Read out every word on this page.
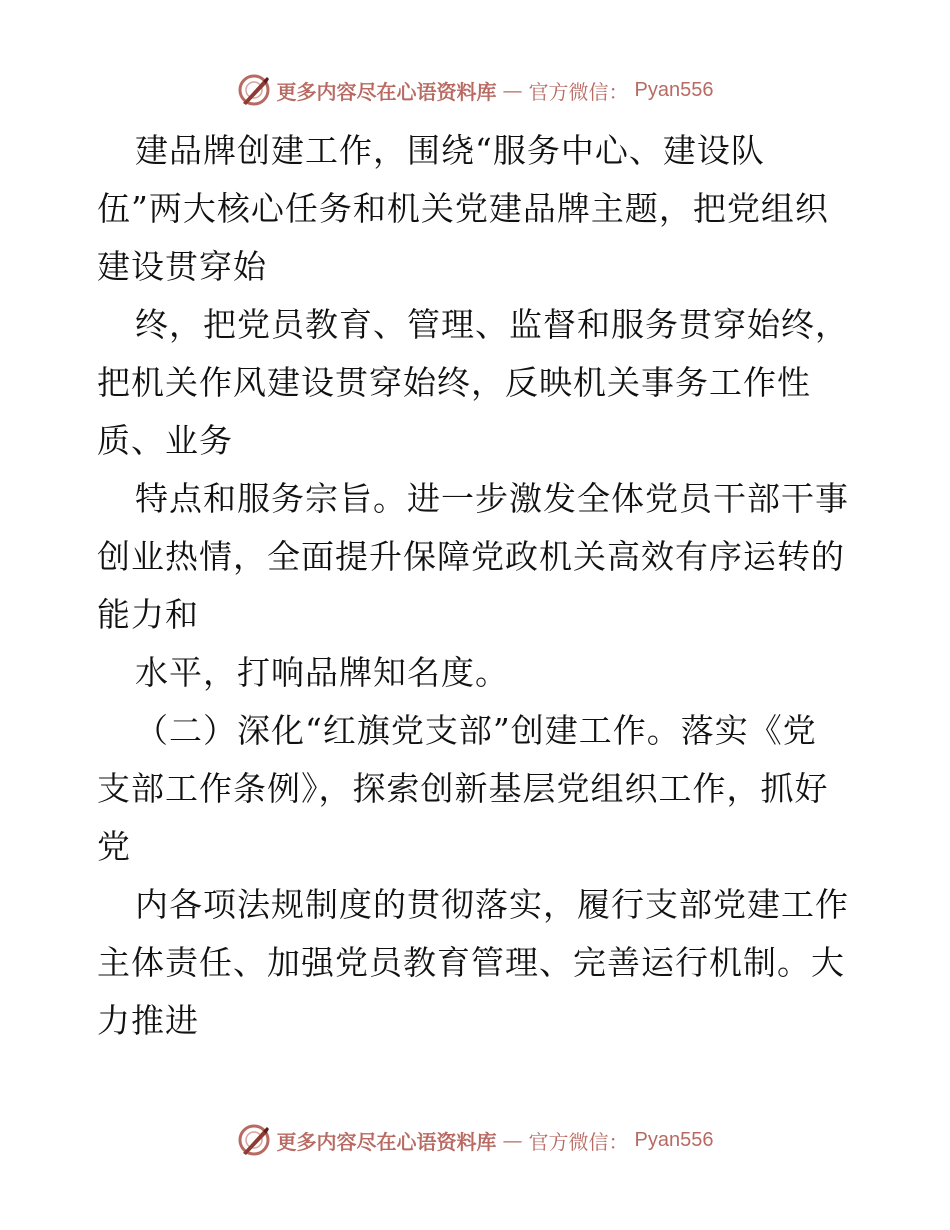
更多内容尽在心语资料库 — 官方微信： Pyan556
建品牌创建工作，围绕“服务中心、建设队
伍”两大核心任务和机关党建品牌主题，把党组织
建设贯穿始
终，把党员教育、管理、监督和服务贯穿始终，
把机关作风建设贯穿始终，反映机关事务工作性
质、业务
特点和服务宗旨。进一步激发全体党员干部干事
创业热情，全面提升保障党政机关高效有序运转的
能力和
水平，打响品牌知名度。
（二）深化“红旗党支部”创建工作。落实《党
支部工作条例》，探索创新基层党组织工作，抓好
党
内各项法规制度的贯彻落实，履行支部党建工作
主体责任、加强党员教育管理、完善运行机制。大
力推进
更多内容尽在心语资料库 — 官方微信： Pyan556
